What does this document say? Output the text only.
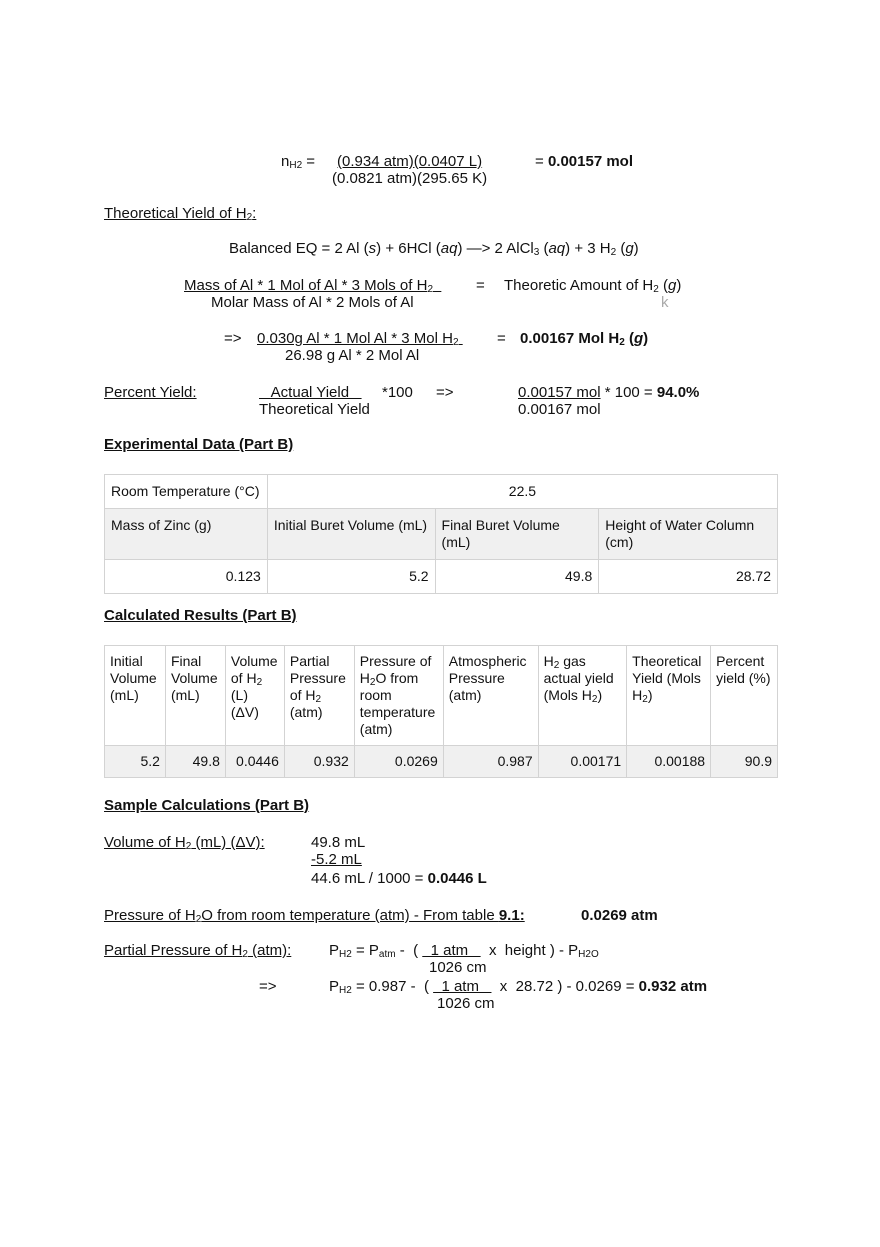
$n_{H2} = (0.934$ atm)(0.0407 L)
(0.0821 atm)(295.65 K)
= 0.00157 mol
Theoretical Yield of $H_2$:
Balanced EQ = 2 Al (s) + 6HCl (aq) —> 2 AlCl$_3$ (aq) + 3 $H_2$ (g)
Mass of Al * 1 Mol of Al * 3 Mols of $H_2$
Molar Mass of Al * 2 Mols of Al
= Theoretic Amount of $H_2$ (g)
k
=> 0.030g Al * 1 Mol Al * 3 Mol $H_2$
26.98 g Al * 2 Mol Al
= 0.00167 Mol $H_2$ (g)
Percent Yield:	Actual Yield *100
Theoretical Yield
=>	0.00157 mol * 100 = 94.0%
0.00167 mol
Experimental Data (Part B)
Room Temperature (°C)	22.5		
Mass of Zinc (g)	Initial Buret Volume (mL)	Final Buret Volume (mL)	Height of Water Column (cm)
0.123	5.2	49.8	28.72
Calculated Results (Part B)
Initial Volume (mL)	Final Volume (mL)	Volume of $H_2$ (L) (ΔV)	Partial Pressure of $H_2$ (atm)	Pressure of $H_2O$ from room temperature (atm)	Atmospheric Pressure (atm)	$H_2$ gas actual yield (Mols $H_2$)	Theoretical Yield (Mols $H_2$)	Percent yield (%)
5.2	49.8	0.0446	0.932	0.0269	0.987	0.00171	0.00188	90.9
Sample Calculations (Part B)
Volume of $H_2$ (mL) (ΔV):	49.8 mL
-5.2 mL
44.6 mL / 1000 = 0.0446 L
Pressure of $H_2O$ from room temperature (atm) - From table 9.1:	0.0269 atm
Partial Pressure of $H_2$ (atm):	$P_{H2} = P_{atm}$ -  (   1 atm     x  height ) - $P_{H2O}$
1026 cm
=>	$P_{H2} = 0.987$ -  (   1 atm     x  28.72 ) - 0.0269 = 0.932 atm
1026 cm
